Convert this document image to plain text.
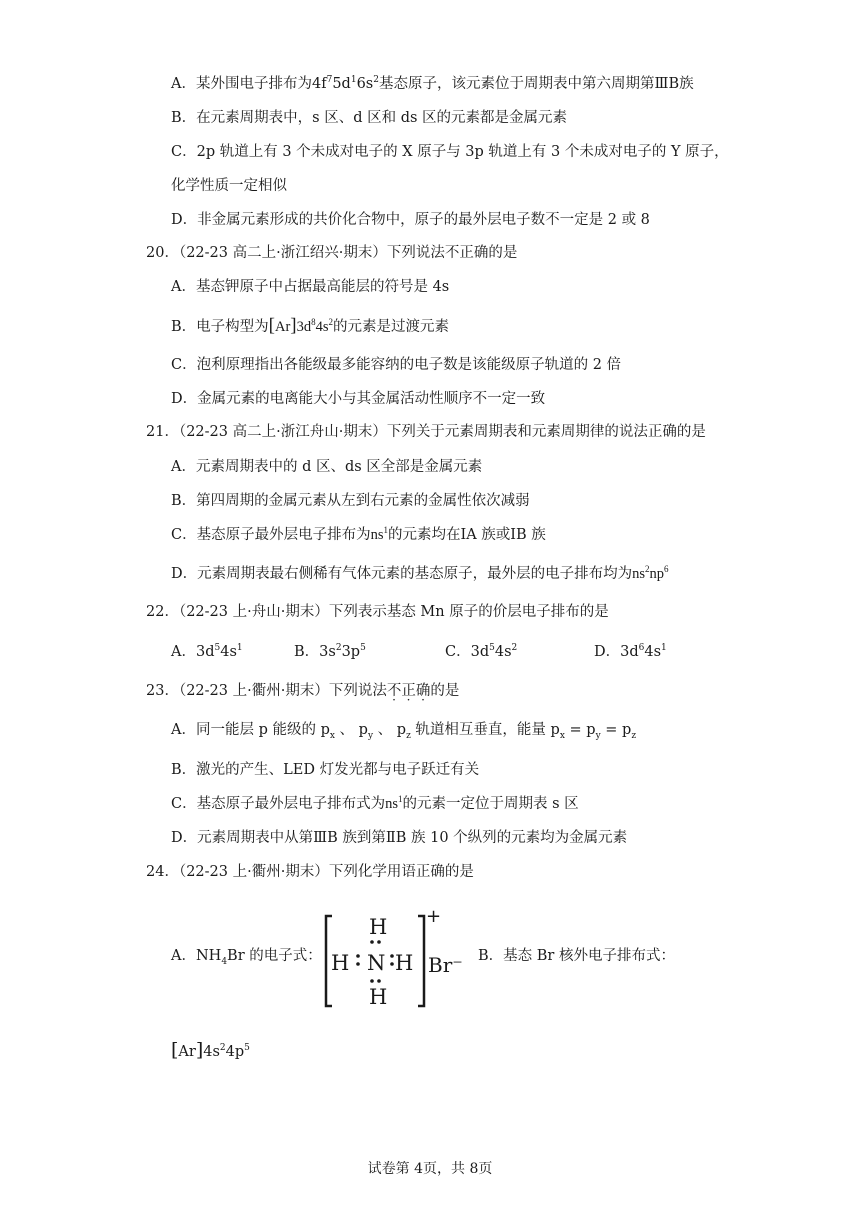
A．某外围电子排布为$4f^75d^16s^2$基态原子，该元素位于周期表中第六周期第ⅢB族
B．在元素周期表中，s 区、d 区和 ds 区的元素都是金属元素
C．2p 轨道上有 3 个未成对电子的 X 原子与 3p 轨道上有 3 个未成对电子的 Y 原子，
化学性质一定相似
D．非金属元素形成的共价化合物中，原子的最外层电子数不一定是 2 或 8
20．（22-23 高二上·浙江绍兴·期末）下列说法不正确的是
A．基态钾原子中占据最高能层的符号是 4s
B．电子构型为$[Ar]3d^84s^2$的元素是过渡元素
C．泡利原理指出各能级最多能容纳的电子数是该能级原子轨道的 2 倍
D．金属元素的电离能大小与其金属活动性顺序不一定一致
21．（22-23 高二上·浙江舟山·期末）下列关于元素周期表和元素周期律的说法正确的是
A．元素周期表中的 d 区、ds 区全部是金属元素
B．第四周期的金属元素从左到右元素的金属性依次减弱
C．基态原子最外层电子排布为$ns^1$的元素均在ⅠA 族或ⅠB 族
D．元素周期表最右侧稀有气体元素的基态原子，最外层的电子排布均为$ns^2np^6$
22．（22-23 上·舟山·期末）下列表示基态 Mn 原子的价层电子排布的是
A．$3d^54s^1$	B．$3s^23p^5$	C．$3d^54s^2$	D．$3d^64s^1$
23．（22-23 上·衢州·期末）下列说法不正确的是
A．同一能层 p 能级的 $p_x$ 、 $p_y$ 、 $p_z$ 轨道相互垂直，能量 $p_x = p_y = p_z$
B．激光的产生、LED 灯发光都与电子跃迁有关
C．基态原子最外层电子排布式为$ns^1$的元素一定位于周期表 s 区
D．元素周期表中从第ⅢB 族到第ⅡB 族 10 个纵列的元素均为金属元素
24．（22-23 上·衢州·期末）下列化学用语正确的是
A．$NH_4Br$ 的电子式：
H
H N H
H
+
Br⁻ B．基态 Br 核外电子排布式：
$[Ar]4s^24p^5$
试卷第 4页，共 8页
